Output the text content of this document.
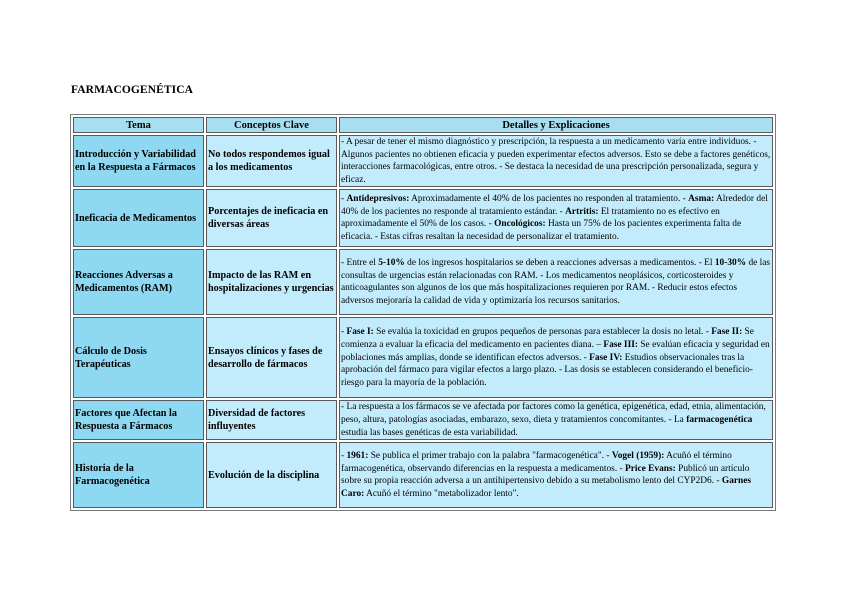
FARMACOGENÉTICA
Tema	Conceptos Clave	Detalles y Explicaciones
Introducción y Variabilidad en la Respuesta a Fármacos	No todos respondemos igual a los medicamentos	- A pesar de tener el mismo diagnóstico y prescripción, la respuesta a un medicamento varía entre individuos. - Algunos pacientes no obtienen eficacia y pueden experimentar efectos adversos. Esto se debe a factores genéticos, interacciones farmacológicas, entre otros. - Se destaca la necesidad de una prescripción personalizada, segura y eficaz.
Ineficacia de Medicamentos	Porcentajes de ineficacia en diversas áreas	- Antidepresivos: Aproximadamente el 40% de los pacientes no responden al tratamiento. - Asma: Alrededor del 40% de los pacientes no responde al tratamiento estándar. - Artritis: El tratamiento no es efectivo en aproximadamente el 50% de los casos. - Oncológicos: Hasta un 75% de los pacientes experimenta falta de eficacia. - Estas cifras resaltan la necesidad de personalizar el tratamiento.
Reacciones Adversas a Medicamentos (RAM)	Impacto de las RAM en hospitalizaciones y urgencias	- Entre el 5-10% de los ingresos hospitalarios se deben a reacciones adversas a medicamentos. - El 10-30% de las consultas de urgencias están relacionadas con RAM. - Los medicamentos neoplásicos, corticosteroides y anticoagulantes son algunos de los que más hospitalizaciones requieren por RAM. - Reducir estos efectos adversos mejoraría la calidad de vida y optimizaría los recursos sanitarios.
Cálculo de Dosis Terapéuticas	Ensayos clínicos y fases de desarrollo de fármacos	- Fase I: Se evalúa la toxicidad en grupos pequeños de personas para establecer la dosis no letal. - Fase II: Se comienza a evaluar la eficacia del medicamento en pacientes diana. – Fase III: Se evalúan eficacia y seguridad en poblaciones más amplias, donde se identifican efectos adversos. - Fase IV: Estudios observacionales tras la aprobación del fármaco para vigilar efectos a largo plazo. - Las dosis se establecen considerando el beneficio-riesgo para la mayoría de la población.
Factores que Afectan la Respuesta a Fármacos	Diversidad de factores influyentes	- La respuesta a los fármacos se ve afectada por factores como la genética, epigenética, edad, etnia, alimentación, peso, altura, patologías asociadas, embarazo, sexo, dieta y tratamientos concomitantes. - La farmacogenética estudia las bases genéticas de esta variabilidad.
Historia de la Farmacogenética	Evolución de la disciplina	- 1961: Se publica el primer trabajo con la palabra "farmacogenética". - Vogel (1959): Acuñó el término farmacogenética, observando diferencias en la respuesta a medicamentos. - Price Evans: Publicó un artículo sobre su propia reacción adversa a un antihipertensivo debido a su metabolismo lento del CYP2D6. - Garnes Caro: Acuñó el término "metabolizador lento".
